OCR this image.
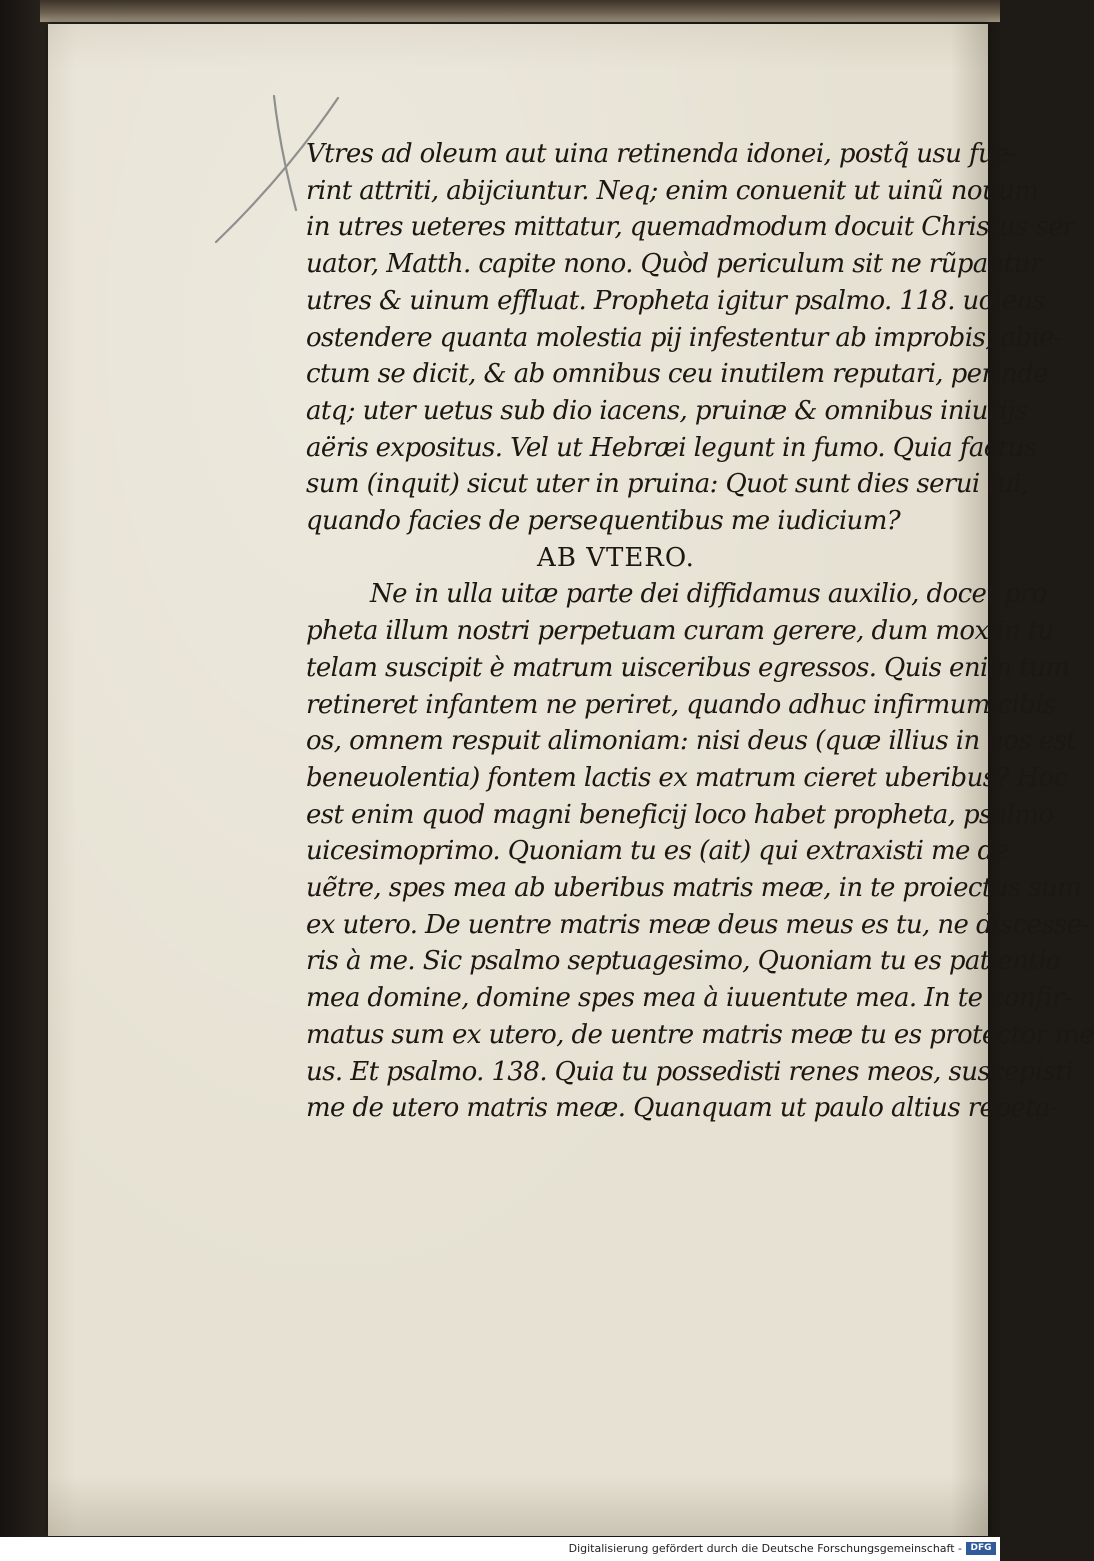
Vtres ad oleum aut uina retinenda idonei, postq̃ usu fue-
rint attriti, abijciuntur. Neq; enim conuenit ut uinũ nouum
in utres ueteres mittatur, quemadmodum docuit Christus ser
uator, Matth. capite nono. Quòd periculum sit ne rũpantur
utres & uinum effluat. Propheta igitur psalmo. 118. uolens
ostendere quanta molestia pij infestentur ab improbis, abie-
ctum se dicit, & ab omnibus ceu inutilem reputari, perinde
atq; uter uetus sub dio iacens, pruinæ & omnibus iniurijs
aëris expositus. Vel ut Hebræi legunt in fumo. Quia factus
sum (inquit) sicut uter in pruina: Quot sunt dies serui tui,
quando facies de persequentibus me iudicium?
AB VTERO.
Ne in ulla uitæ parte dei diffidamus auxilio, docet pro
pheta illum nostri perpetuam curam gerere, dum mox in tu
telam suscipit è matrum uisceribus egressos. Quis enim tum
retineret infantem ne periret, quando adhuc infirmum cibis
os, omnem respuit alimoniam: nisi deus (quæ illius in nos est
beneuolentia) fontem lactis ex matrum cieret uberibus? Hoc
est enim quod magni beneficij loco habet propheta, psalmo
uicesimoprimo. Quoniam tu es (ait) qui extraxisti me de
uẽtre, spes mea ab uberibus matris meæ, in te proiectus sum
ex utero. De uentre matris meæ deus meus es tu, ne discesse-
ris à me. Sic psalmo septuagesimo, Quoniam tu es patientia
mea domine, domine spes mea à iuuentute mea. In te confir-
matus sum ex utero, de uentre matris meæ tu es protector me
us. Et psalmo. 138. Quia tu possedisti renes meos, suscepisti
me de utero matris meæ. Quanquam ut paulo altius repeta-
Digitalisierung gefördert durch die Deutsche Forschungsgemeinschaft - DFG
